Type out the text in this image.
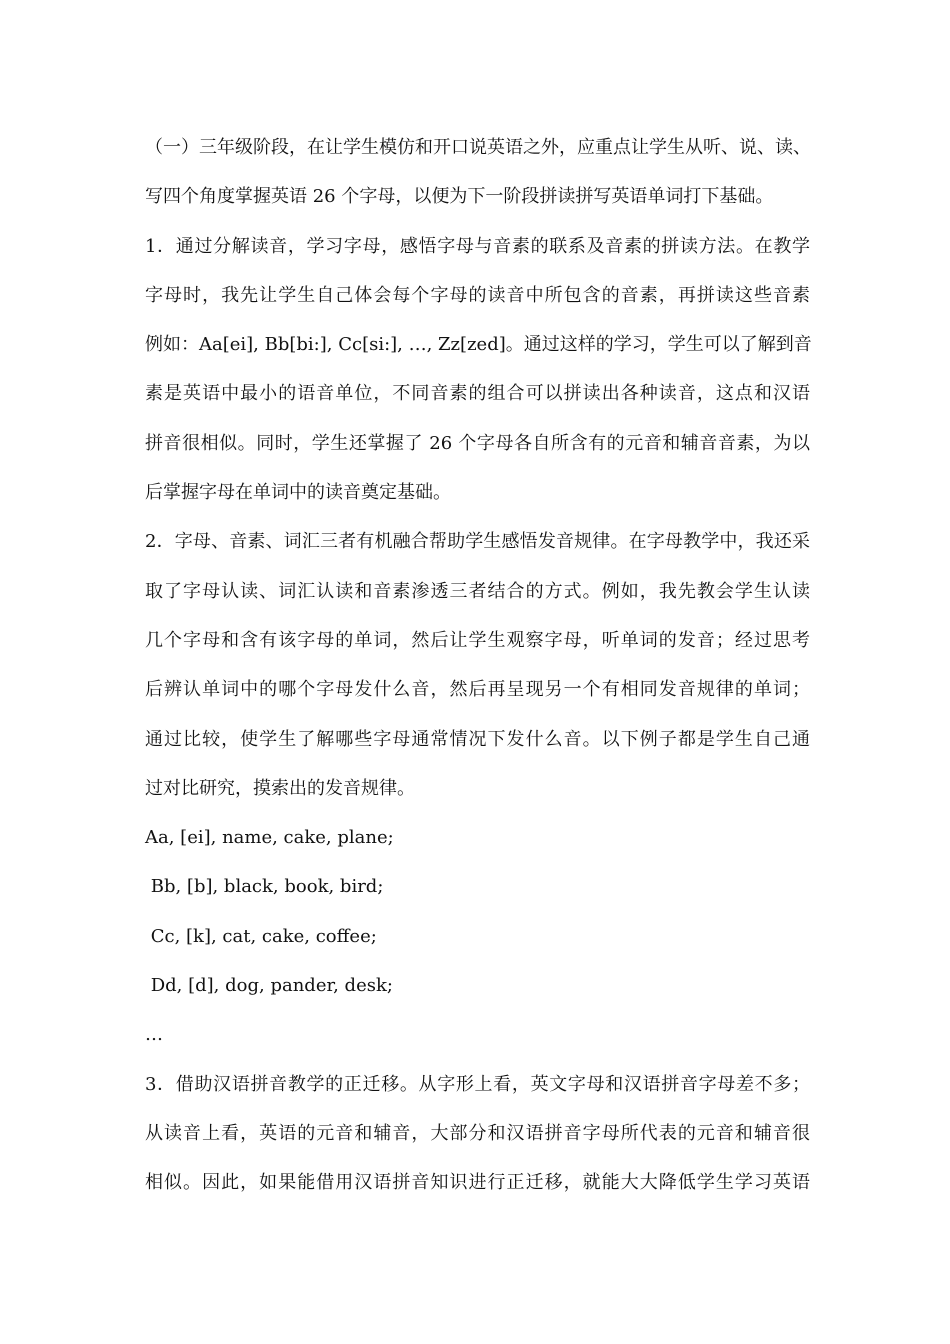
（一）三年级阶段，在让学生模仿和开口说英语之外，应重点让学生从听、说、读、
写四个角度掌握英语 26 个字母，以便为下一阶段拼读拼写英语单词打下基础。
1．通过分解读音，学习字母，感悟字母与音素的联系及音素的拼读方法。在教学
字母时，我先让学生自己体会每个字母的读音中所包含的音素，再拼读这些音素
例如：Aa[ei], Bb[bi:], Cc[si:], …, Zz[zed]。通过这样的学习，学生可以了解到音
素是英语中最小的语音单位，不同音素的组合可以拼读出各种读音，这点和汉语
拼音很相似。同时，学生还掌握了 26 个字母各自所含有的元音和辅音音素，为以
后掌握字母在单词中的读音奠定基础。
2．字母、音素、词汇三者有机融合帮助学生感悟发音规律。在字母教学中，我还采
取了字母认读、词汇认读和音素渗透三者结合的方式。例如，我先教会学生认读
几个字母和含有该字母的单词，然后让学生观察字母，听单词的发音；经过思考
后辨认单词中的哪个字母发什么音，然后再呈现另一个有相同发音规律的单词；
通过比较，使学生了解哪些字母通常情况下发什么音。以下例子都是学生自己通
过对比研究，摸索出的发音规律。
Aa, [ei], name, cake, plane;
Bb, [b], black, book, bird;
Cc, [k], cat, cake, coffee;
Dd, [d], dog, pander, desk;
…
3．借助汉语拼音教学的正迁移。从字形上看，英文字母和汉语拼音字母差不多；
从读音上看，英语的元音和辅音，大部分和汉语拼音字母所代表的元音和辅音很
相似。因此，如果能借用汉语拼音知识进行正迁移，就能大大降低学生学习英语
